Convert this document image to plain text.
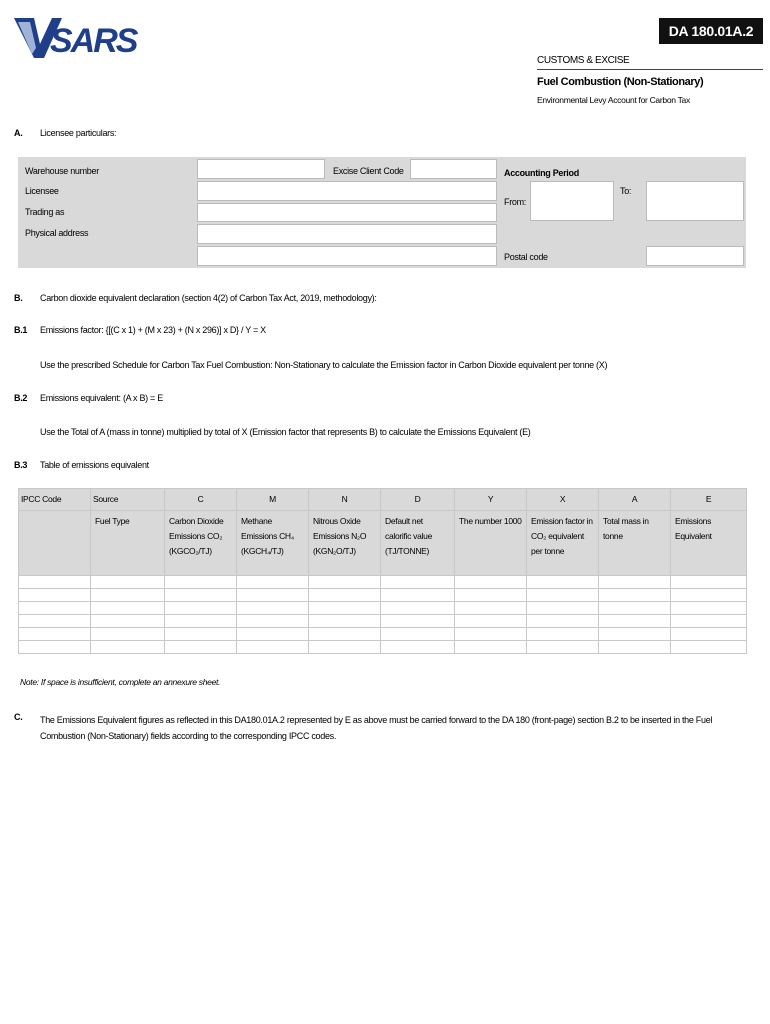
SARS	DA 180.01A.2
CUSTOMS & EXCISE
Fuel Combustion (Non-Stationary)
Environmental Levy Account for Carbon Tax
A. Licensee particulars:
Warehouse number	Excise Client Code	Accounting Period
Licensee
Trading as
Physical address
From:
To:
Postal code
B. Carbon dioxide equivalent declaration (section 4(2) of Carbon Tax Act, 2019, methodology):
B.1 Emissions factor: {[(C x 1) + (M x 23) + (N x 296)] x D} / Y = X
Use the prescribed Schedule for Carbon Tax Fuel Combustion: Non-Stationary to calculate the Emission factor in Carbon Dioxide equivalent per tonne (X)
B.2 Emissions equivalent: (A x B) = E
Use the Total of A (mass in tonne) multiplied by total of X (Emission factor that represents B) to calculate the Emissions Equivalent (E)
B.3 Table of emissions equivalent
IPCC Code	Source	C	M	N	D	Y	X	A	E
	Fuel Type	Carbon Dioxide Emissions CO₂ (KGCO₂/TJ)	Methane Emissions CH₄ (KGCH₄/TJ)	Nitrous Oxide Emissions N₂O (KGN₂O/TJ)	Default net calorific value (TJ/TONNE)	The number 1000	Emission factor in CO₂ equivalent per tonne	Total mass in tonne	Emissions Equivalent

Note: If space is insufficient, complete an annexure sheet.
C. The Emissions Equivalent figures as reflected in this DA180.01A.2 represented by E as above must be carried forward to the DA 180 (front-page) section B.2 to be inserted in the Fuel Combustion (Non-Stationary) fields according to the corresponding IPCC codes.
